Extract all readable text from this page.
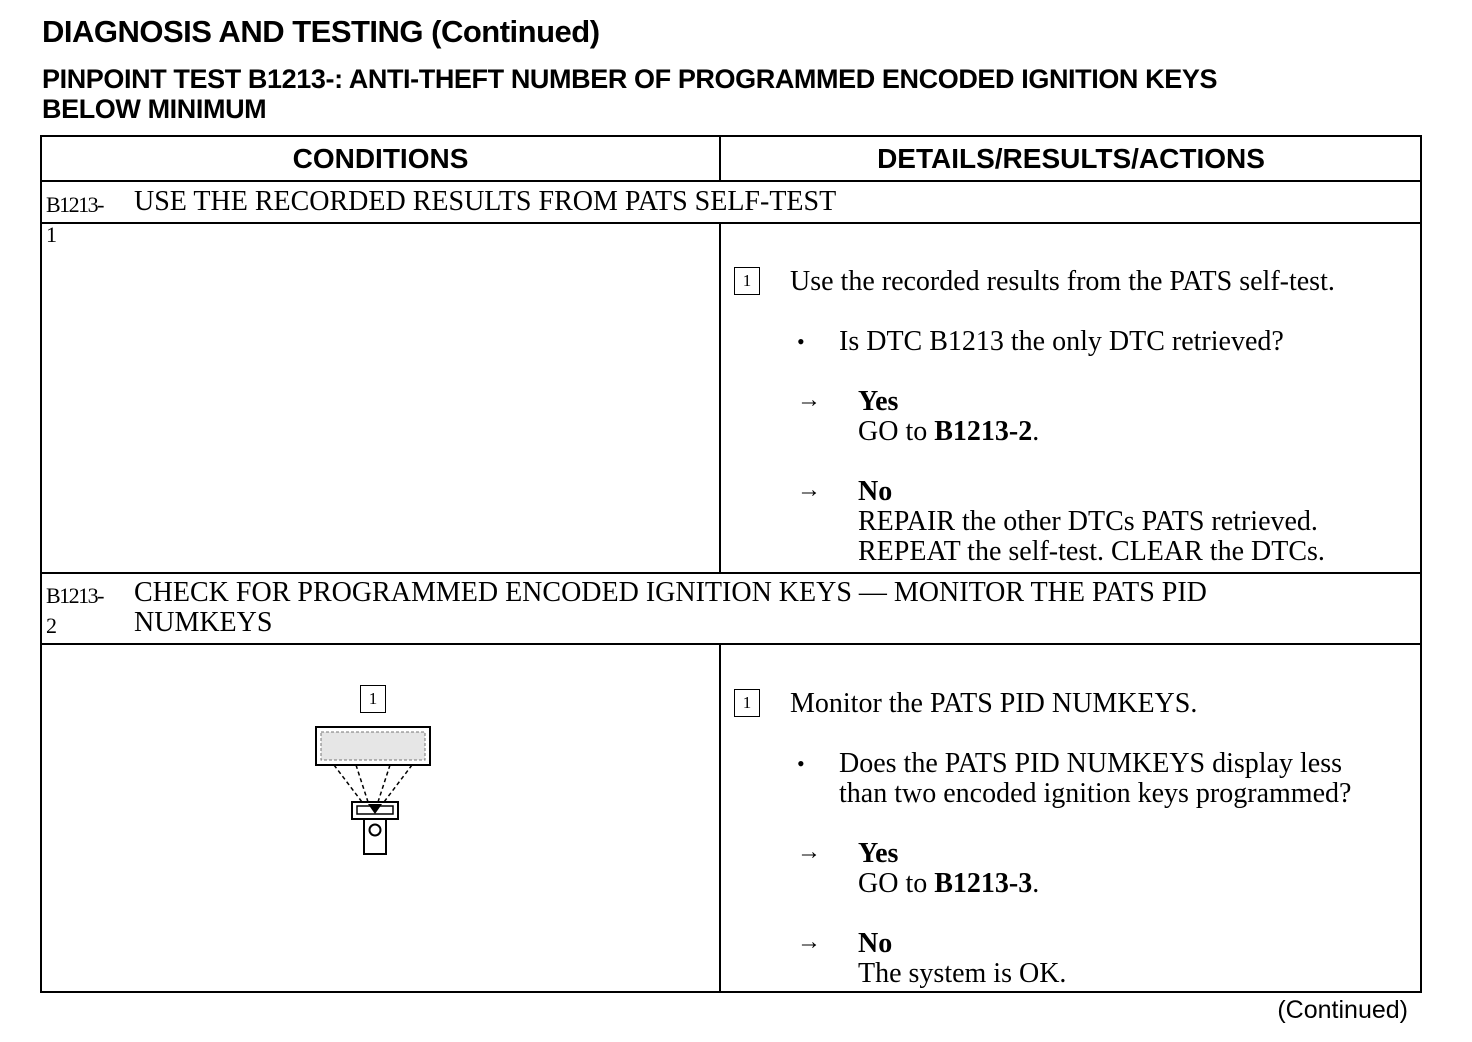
DIAGNOSIS AND TESTING (Continued)
PINPOINT TEST B1213-: ANTI-THEFT NUMBER OF PROGRAMMED ENCODED IGNITION KEYS
BELOW MINIMUM
CONDITIONS	DETAILS/RESULTS/ACTIONS
B1213-1
USE THE RECORDED RESULTS FROM PATS SELF-TEST
1	Use the recorded results from the PATS self-test.
• Is DTC B1213 the only DTC retrieved?
→ Yes
GO to B1213-2.
→ No
REPAIR the other DTCs PATS retrieved.
REPEAT the self-test. CLEAR the DTCs.
B1213-2
CHECK FOR PROGRAMMED ENCODED IGNITION KEYS — MONITOR THE PATS PID
NUMKEYS
1	1	Monitor the PATS PID NUMKEYS.
• Does the PATS PID NUMKEYS display less
than two encoded ignition keys programmed?
→ Yes
GO to B1213-3.
→ No
The system is OK.
(Continued)
